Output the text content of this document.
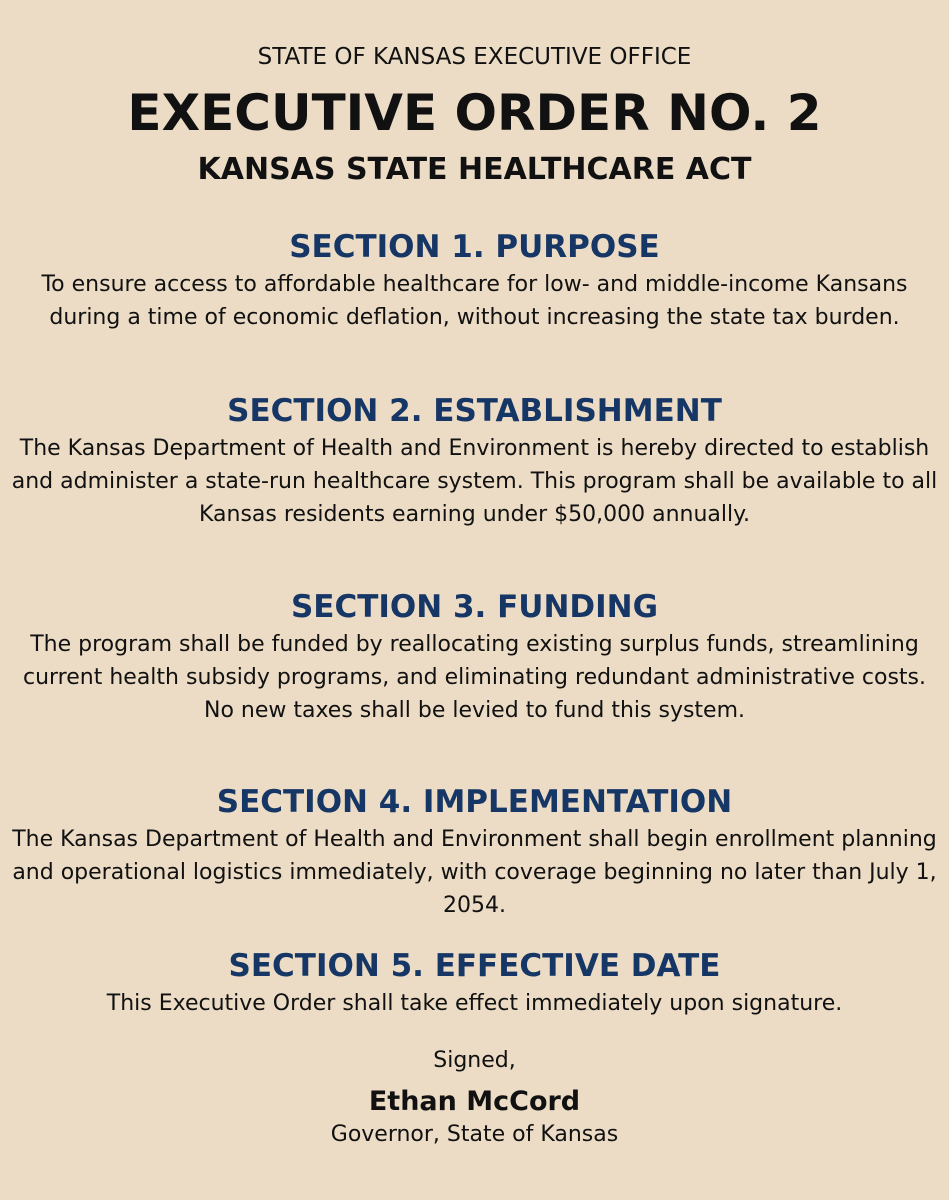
STATE OF KANSAS EXECUTIVE OFFICE
EXECUTIVE ORDER NO. 2
KANSAS STATE HEALTHCARE ACT
SECTION 1. PURPOSE
To ensure access to affordable healthcare for low- and middle-income Kansans during a time of economic deflation, without increasing the state tax burden.
SECTION 2. ESTABLISHMENT
The Kansas Department of Health and Environment is hereby directed to establish and administer a state-run healthcare system. This program shall be available to all Kansas residents earning under $50,000 annually.
SECTION 3. FUNDING
The program shall be funded by reallocating existing surplus funds, streamlining current health subsidy programs, and eliminating redundant administrative costs. No new taxes shall be levied to fund this system.
SECTION 4. IMPLEMENTATION
The Kansas Department of Health and Environment shall begin enrollment planning and operational logistics immediately, with coverage beginning no later than July 1, 2054.
SECTION 5. EFFECTIVE DATE
This Executive Order shall take effect immediately upon signature.
Signed,
Ethan McCord
Governor, State of Kansas
